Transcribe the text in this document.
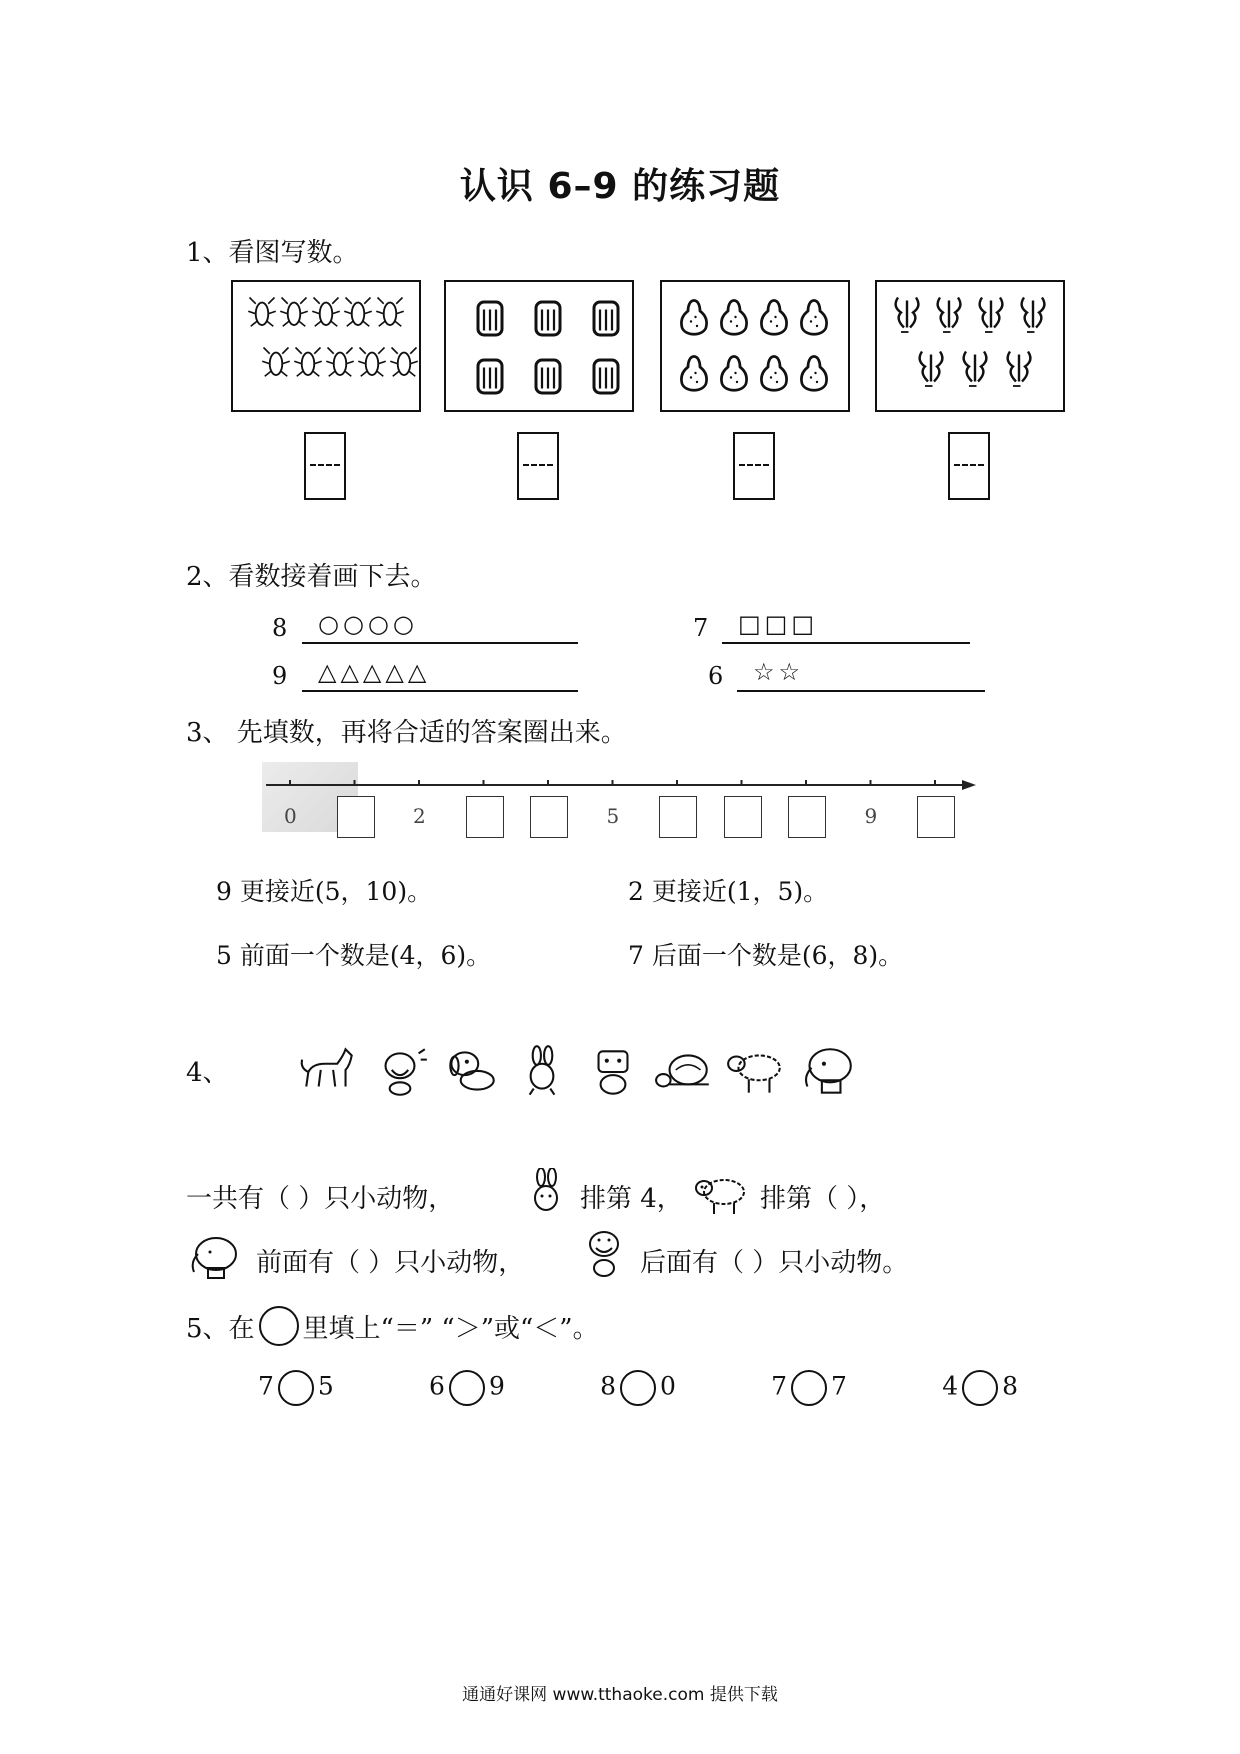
认识 6–9 的练习题
1、看图写数。
2、看数接着画下去。
8	○○○○	7	□□□
9	△△△△△	6	☆☆
3、 先填数，再将合适的答案圈出来。
0	2	5	9
9 更接近(5，10)。	2 更接近(1，5)。
5 前面一个数是(4，6)。	7 后面一个数是(6，8)。
4、
一共有（ ）只小动物，	排第 4，	排第（ ），
前面有（ ）只小动物，	后面有（ ）只小动物。
5、在 里填上“＝” “＞”或“＜”。
7 5	6 9	8 0	7 7	4 8
通通好课网 www.tthaoke.com 提供下载
